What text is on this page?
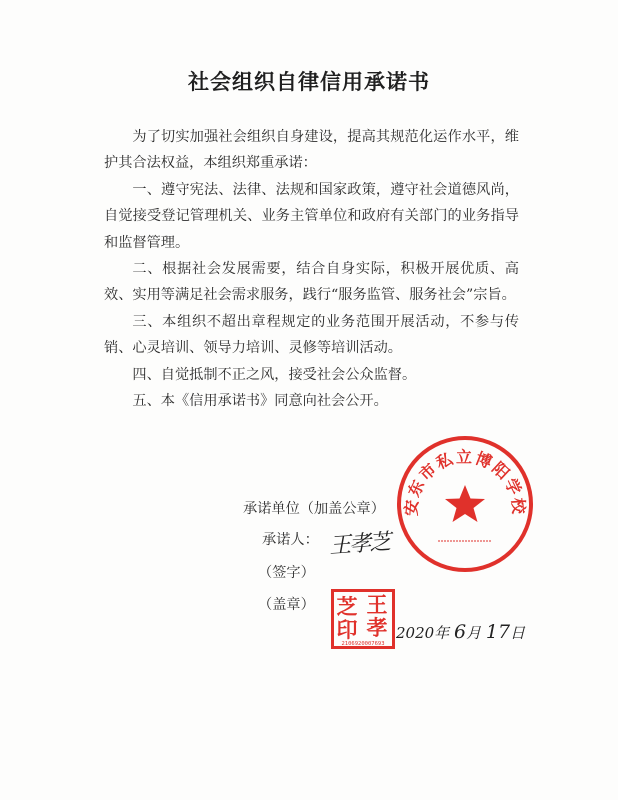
社会组织自律信用承诺书

为了切实加强社会组织自身建设，提高其规范化运作水平，维护其合法权益，本组织郑重承诺：

一、遵守宪法、法律、法规和国家政策，遵守社会道德风尚，自觉接受登记管理机关、业务主管单位和政府有关部门的业务指导和监督管理。

二、根据社会发展需要，结合自身实际，积极开展优质、高效、实用等满足社会需求服务，践行“服务监管、服务社会”宗旨。

三、本组织不超出章程规定的业务范围开展活动，不参与传销、心灵培训、领导力培训、灵修等培训活动。

四、自觉抵制不正之风，接受社会公众监督。

五、本《信用承诺书》同意向社会公开。

承诺单位（加盖公章）
承诺人： 王孝芝
（签字）
（盖章）
2020年 6月 17日
安东市私立博阳学校
芝 王
印 孝
2106920007693
